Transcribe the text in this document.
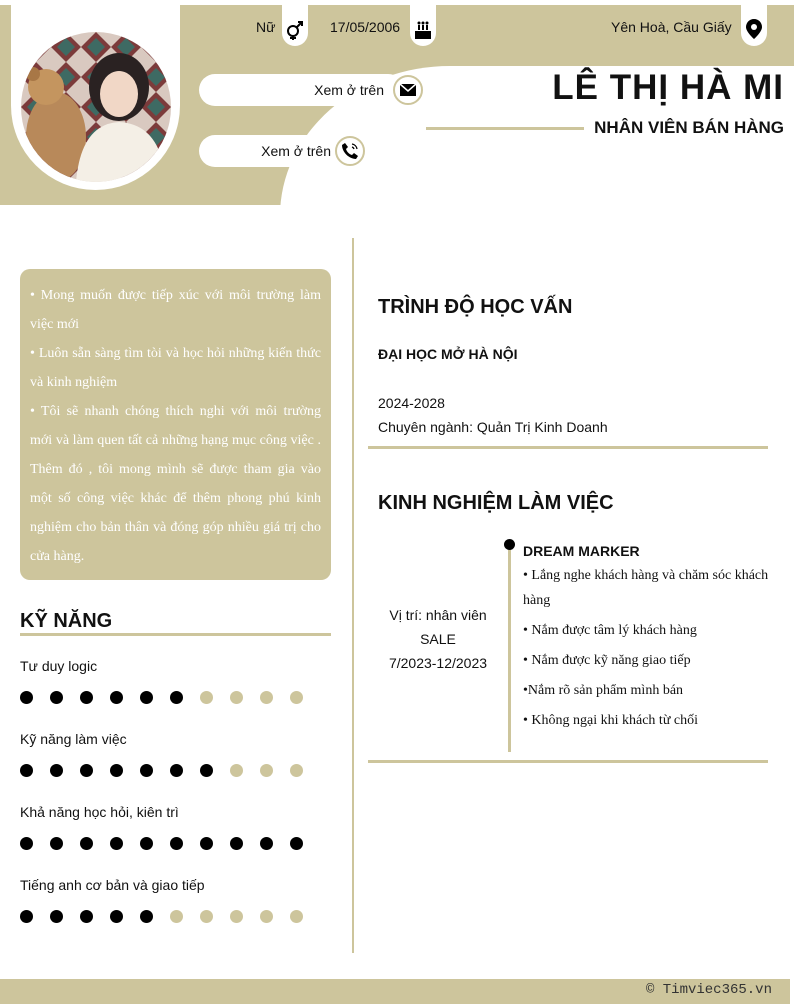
Nữ	17/05/2006	Yên Hoà, Cầu Giấy
Xem ở trên
Xem ở trên
LÊ THỊ HÀ MI
NHÂN VIÊN BÁN HÀNG

• Mong muốn được tiếp xúc với môi trường làm việc mới

• Luôn sẵn sàng tìm tòi và học hỏi những kiến thức và kinh nghiệm

• Tôi sẽ nhanh chóng thích nghi với môi trường mới và làm quen tất cả những hạng mục công việc . Thêm đó , tôi mong mình sẽ được tham gia vào một số công việc khác để thêm phong phú kinh nghiệm cho bản thân và đóng góp nhiều giá trị cho cửa hàng.

KỸ NĂNG
Tư duy logic
Kỹ năng làm việc
Khả năng học hỏi, kiên trì
Tiếng anh cơ bản và giao tiếp
TRÌNH ĐỘ HỌC VẤN
ĐẠI HỌC MỞ HÀ NỘI
2024-2028
Chuyên ngành: Quản Trị Kinh Doanh
KINH NGHIỆM LÀM VIỆC
Vị trí: nhân viên
SALE
7/2023-12/2023
DREAM MARKER
• Lắng nghe khách hàng và chăm sóc khách hàng
• Nắm được tâm lý khách hàng
• Nắm được kỹ năng giao tiếp
•Nắm rõ sản phẩm mình bán
• Không ngại khi khách từ chối
© Timviec365.vn
